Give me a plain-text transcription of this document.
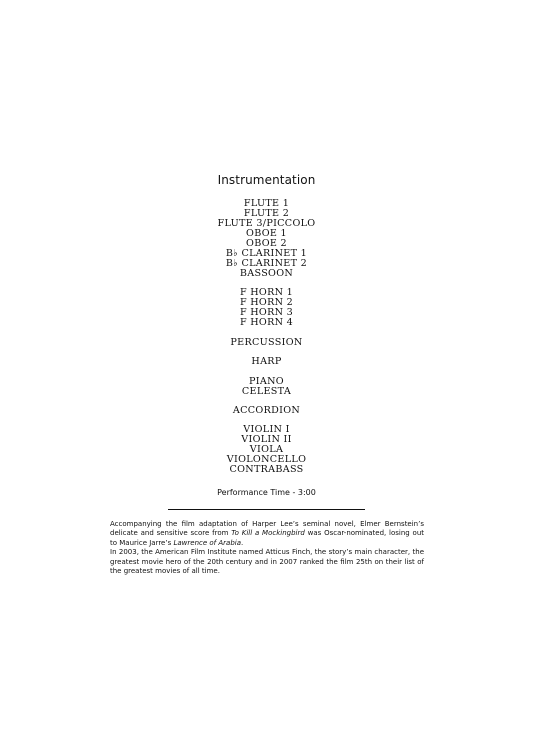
Instrumentation
FLUTE 1
FLUTE 2
FLUTE 3/PICCOLO
OBOE 1
OBOE 2
B♭ CLARINET 1
B♭ CLARINET 2
BASSOON
F HORN 1
F HORN 2
F HORN 3
F HORN 4
PERCUSSION
HARP
PIANO
CELESTA
ACCORDION
VIOLIN I
VIOLIN II
VIOLA
VIOLONCELLO
CONTRABASS
Performance Time - 3:00

Accompanying the film adaptation of Harper Lee’s seminal novel, Elmer Bernstein’s delicate and sensitive score from To Kill a Mockingbird was Oscar-nominated, losing out to Maurice Jarre’s Lawrence of Arabia.

In 2003, the American Film Institute named Atticus Finch, the story’s main character, the greatest movie hero of the 20th century and in 2007 ranked the film 25th on their list of the greatest movies of all time.
